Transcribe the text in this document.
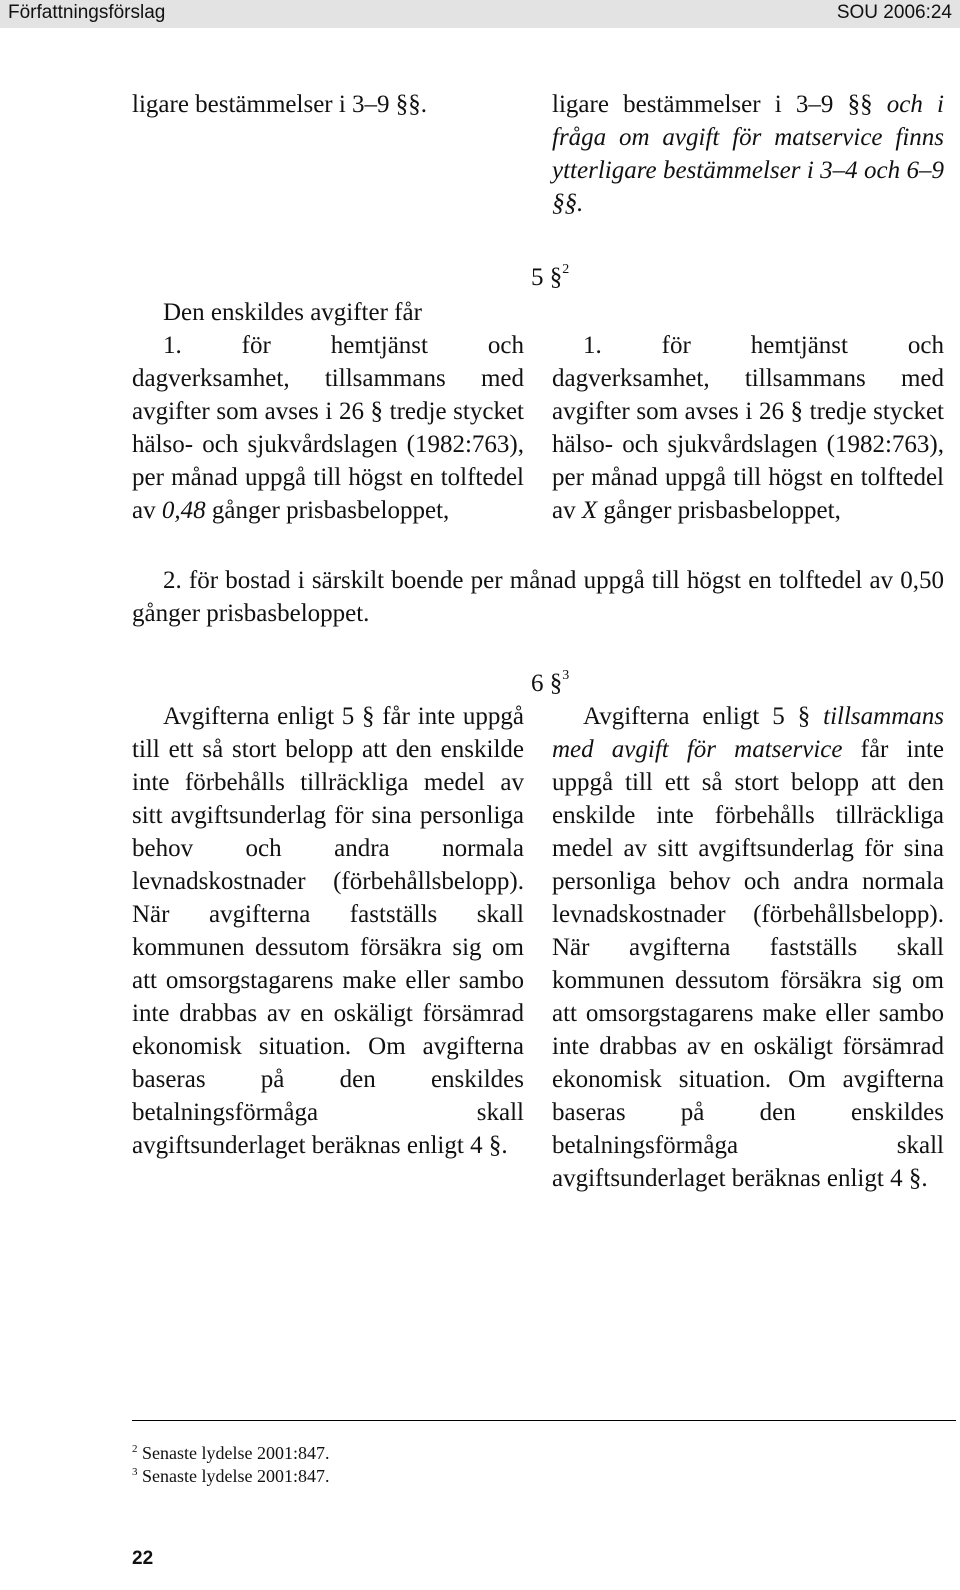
Författningsförslag	SOU 2006:24
ligare bestämmelser i 3–9 §§.	ligare bestämmelser i 3–9 §§ och i fråga om avgift för matservice finns ytterligare bestämmelser i 3–4 och 6–9 §§.
5 §$^2$
Den enskildes avgifter får
1. för hemtjänst och dagverksamhet, tillsammans med avgifter som avses i 26 § tredje stycket hälso- och sjukvårdslagen (1982:763), per månad uppgå till högst en tolftedel av 0,48 gånger prisbasbeloppet,
1. för hemtjänst och dagverksamhet, tillsammans med avgifter som avses i 26 § tredje stycket hälso- och sjukvårdslagen (1982:763), per månad uppgå till högst en tolftedel av X gånger prisbasbeloppet,
2. för bostad i särskilt boende per månad uppgå till högst en tolftedel av 0,50 gånger prisbasbeloppet.
6 §$^3$
Avgifterna enligt 5 § får inte uppgå till ett så stort belopp att den enskilde inte förbehålls tillräckliga medel av sitt avgiftsunderlag för sina personliga behov och andra normala levnadskostnader (förbehållsbelopp). När avgifterna fastställs skall kommunen dessutom försäkra sig om att omsorgstagarens make eller sambo inte drabbas av en oskäligt försämrad ekonomisk situation. Om avgifterna baseras på den enskildes betalningsförmåga skall avgiftsunderlaget beräknas enligt 4 §.
Avgifterna enligt 5 § tillsammans med avgift för matservice får inte uppgå till ett så stort belopp att den enskilde inte förbehålls tillräckliga medel av sitt avgiftsunderlag för sina personliga behov och andra normala levnadskostnader (förbehållsbelopp). När avgifterna fastställs skall kommunen dessutom försäkra sig om att omsorgstagarens make eller sambo inte drabbas av en oskäligt försämrad ekonomisk situation. Om avgifterna baseras på den enskildes betalningsförmåga skall avgiftsunderlaget beräknas enligt 4 §.
$^2$ Senaste lydelse 2001:847.
$^3$ Senaste lydelse 2001:847.
22
